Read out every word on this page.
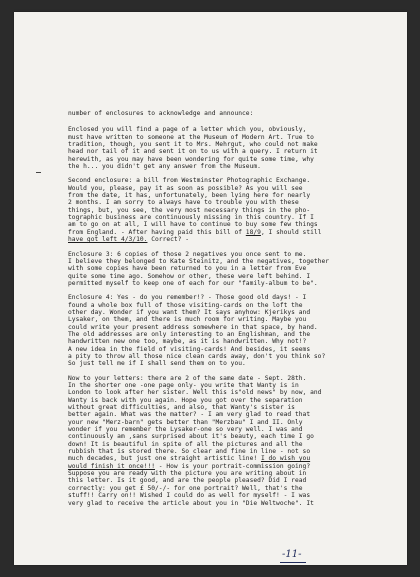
number of enclosures to acknowledge and announce:
Enclosed you will find a page of a letter which you, obviously,
must have written to someone at the Museum of Modern Art. True to
tradition, though, you sent it to Mrs. Mehrgut, who could not make
head nor tail of it and sent it on to us with a query. I return it
herewith, as you may have been wondering for quite some time, why
the h... you didn't get any answer from the Museum.
Second enclosure: a bill from Westminster Photographic Exchange.
Would you, please, pay it as soon as possible? As you will see
from the date, it has, unfortunately, been lying here for nearly
2 months. I am sorry to always have to trouble you with these
things, but, you see, the very most necessary things in the pho-
tographic business are continuously missing in this country. If I
am to go on at all, I will have to continue to buy some few things
from England. - After having paid this bill of 18/9, I should still
have got left 4/3/10. Correct? -
Enclosure 3: 6 copies of those 2 negatives you once sent to me.
I believe they belonged to Kate Steinitz, and the negatives, together
with some copies have been returned to you in a letter from Eve
quite some time ago. Somehow or other, these were left behind. I
permitted myself to keep one of each for our "family-album to be".
Enclosure 4: Yes - do you remember!? - Those good old days! - I
found a whole box full of those visiting-cards on the loft the
other day. Wonder if you want them? It says anyhow: Kjerikys and
Lysaker, on them, and there is much room for writing. Maybe you
could write your present address somewhere in that space, by hand.
The old addresses are only interesting to an Englishman, and the
handwritten new one too, maybe, as it is handwritten. Why not!?
A new idea in the field of visiting-cards! And besides, it seems
a pity to throw all those nice clean cards away, don't you think so?
So just tell me if I shall send them on to you.
Now to your letters: there are 2 of the same date - Sept. 28th.
In the shorter one -one page only- you write that Wanty is in
London to look after her sister. Well this is"old news" by now, and
Wanty is back with you again. Hope you got over the separation
without great difficulties, and also, that Wanty's sister is
better again. What was the matter? - I am very glad to read that
your new "Merz-barn" gets better than "Merzbau" I and II. Only
wonder if you remember the Lysaker-one so very well. I was and
continuously am ,sans surprised about it's beauty, each time I go
down! It is beautiful in spite of all the pictures and all the
rubbish that is stored there. So clear and fine in line - not so
much decades, but just one straight artistic line! I do wish you
would finish it once!!! - How is your portrait-commission going?
Suppose you are ready with the picture you are writing about in
this letter. Is it good, and are the people pleased? Did I read
correctly: you get £ 50/-/- for one portrait? Well, that's the
stuff!! Carry on!! Wished I could do as well for myself! - I was
very glad to receive the article about you in "Die Weltwoche". It
-11-
